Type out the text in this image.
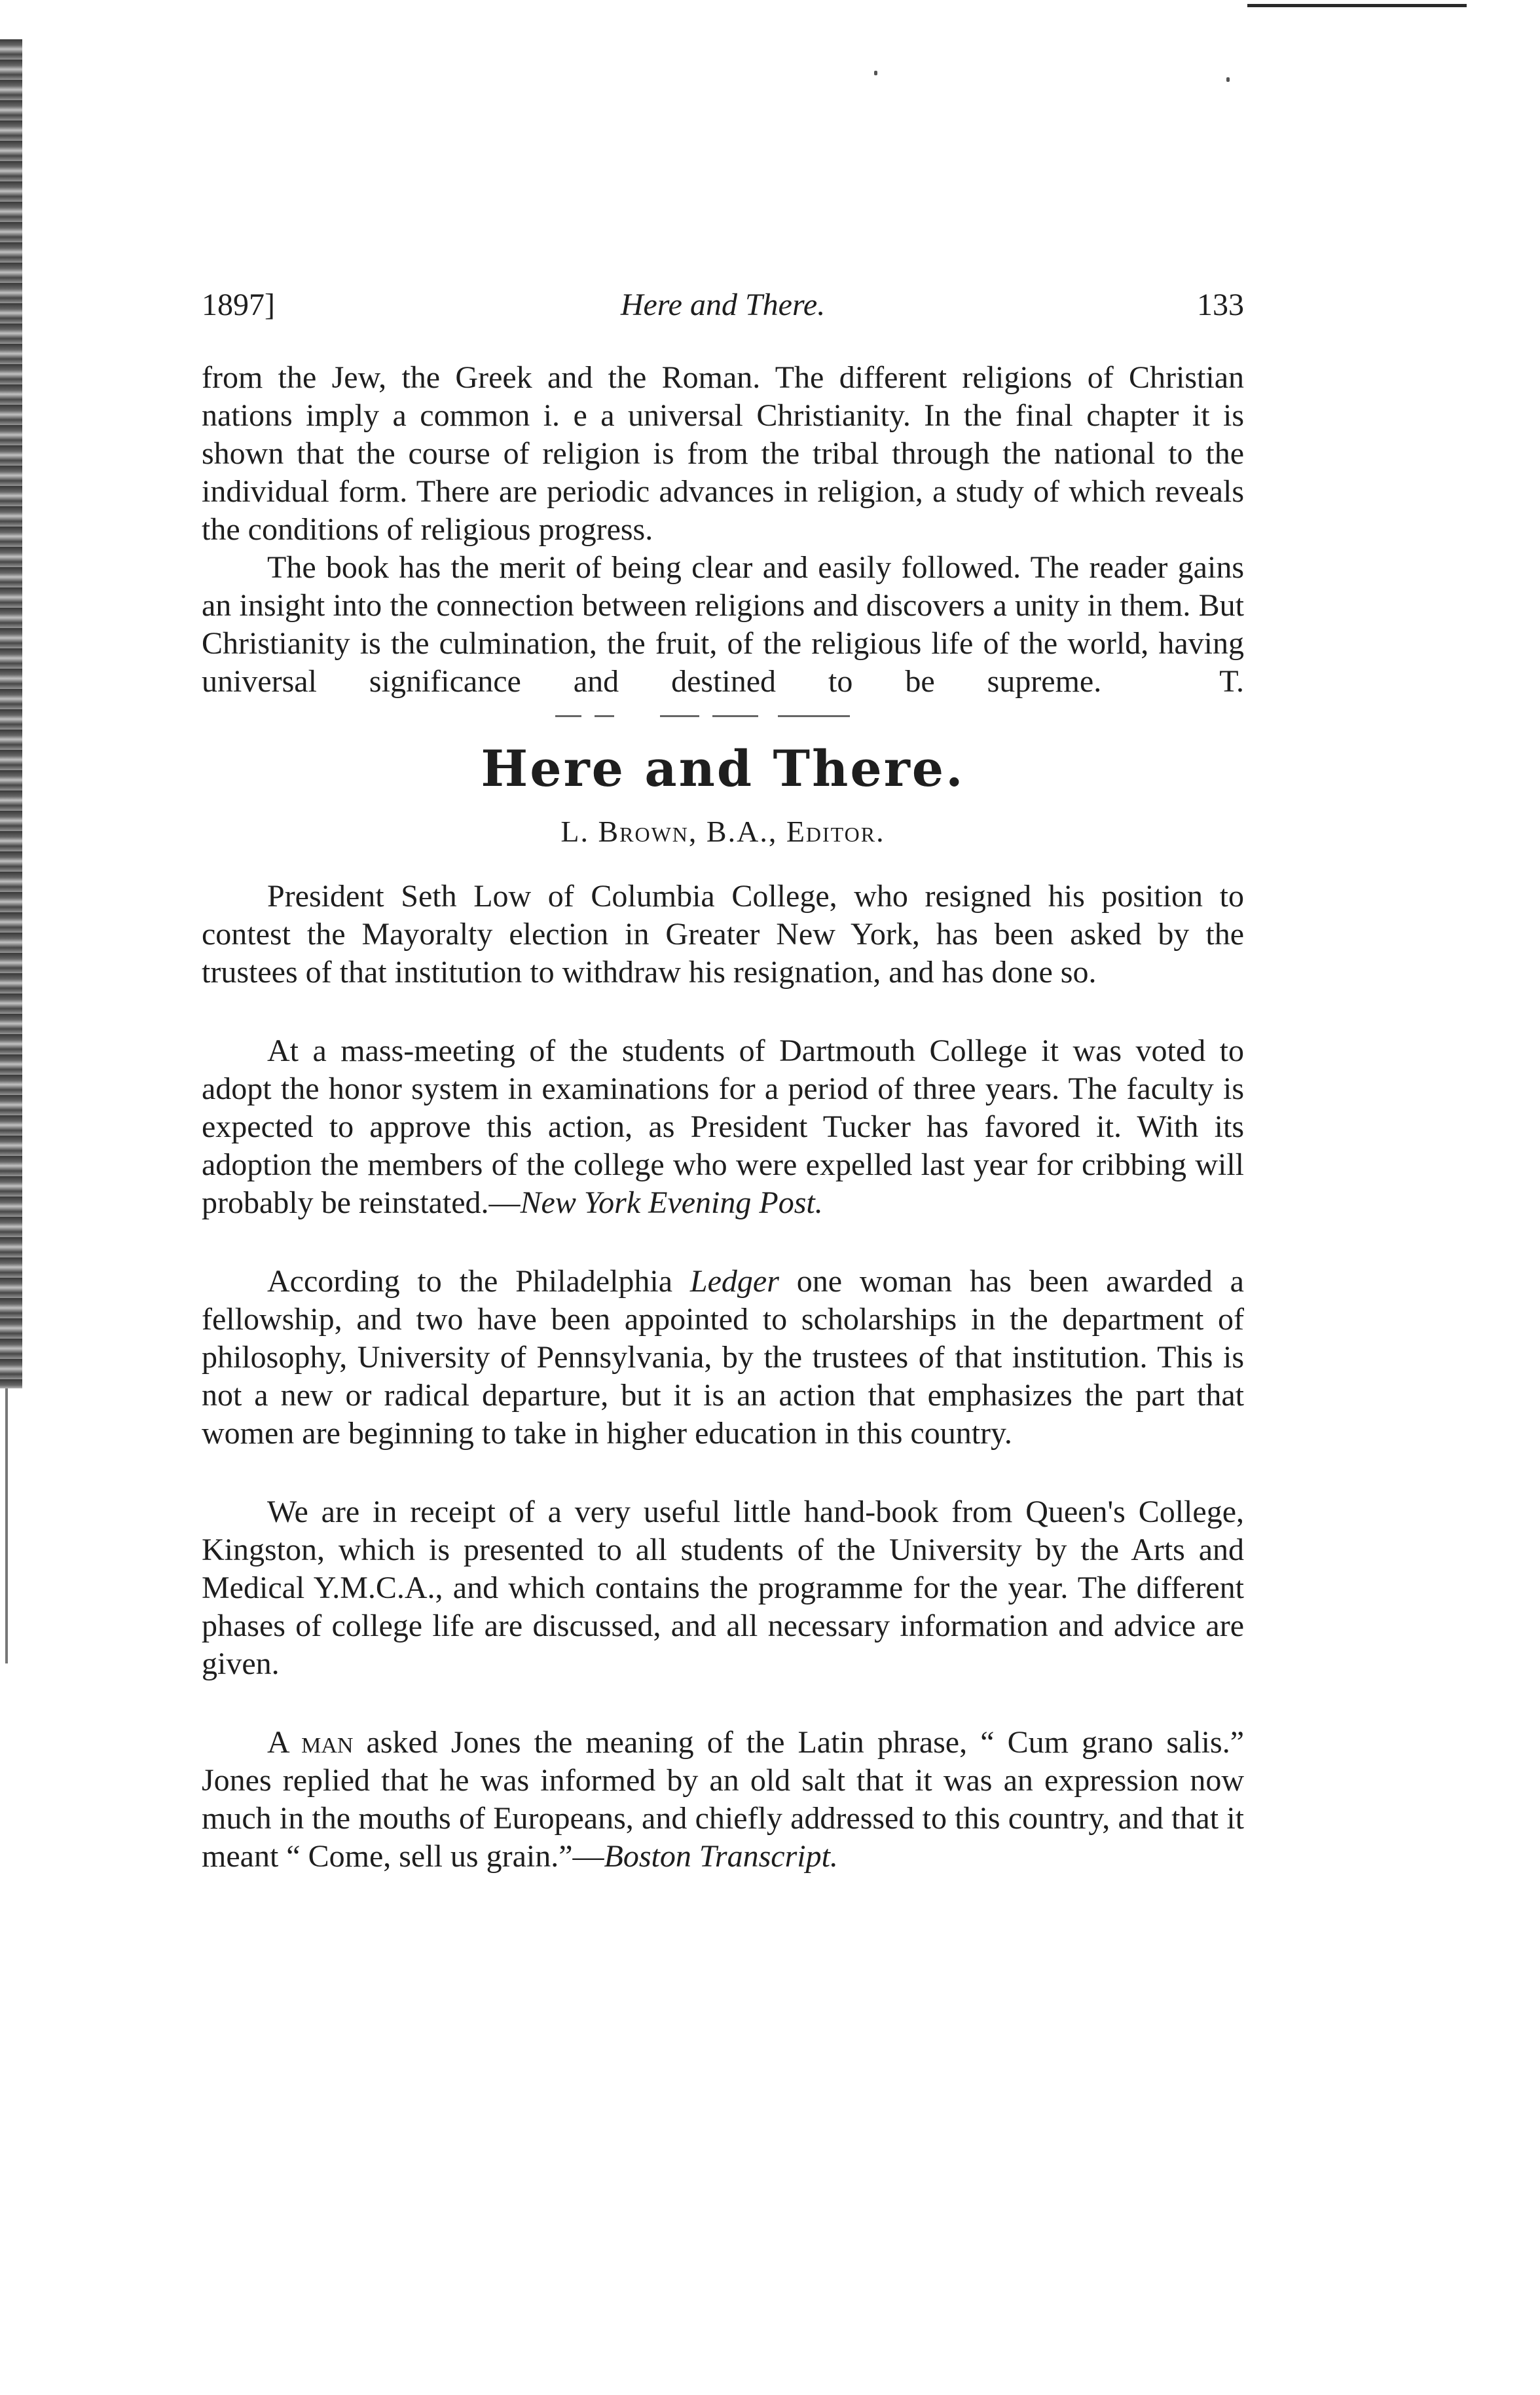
1897]	Here and There.	133

from the Jew, the Greek and the Roman. The different religions of Christian nations imply a common i. e a universal Christianity. In the final chapter it is shown that the course of religion is from the tribal through the national to the individual form. There are periodic advances in religion, a study of which reveals the conditions of religious progress.

The book has the merit of being clear and easily followed. The reader gains an insight into the connection between religions and discovers a unity in them. But Christianity is the culmination, the fruit, of the religious life of the world, having universal significance and destined to be supreme.	T.

Here and There.
L. Brown, B.A., Editor.

President Seth Low of Columbia College, who resigned his position to contest the Mayoralty election in Greater New York, has been asked by the trustees of that institution to withdraw his resignation, and has done so.

At a mass-meeting of the students of Dartmouth College it was voted to adopt the honor system in examinations for a period of three years. The faculty is expected to approve this action, as President Tucker has favored it. With its adoption the members of the college who were expelled last year for cribbing will probably be reinstated.—New York Evening Post.

According to the Philadelphia Ledger one woman has been awarded a fellowship, and two have been appointed to scholarships in the department of philosophy, University of Pennsylvania, by the trustees of that institution. This is not a new or radical departure, but it is an action that emphasizes the part that women are beginning to take in higher education in this country.

We are in receipt of a very useful little hand-book from Queen's College, Kingston, which is presented to all students of the University by the Arts and Medical Y.M.C.A., and which contains the programme for the year. The different phases of college life are discussed, and all necessary information and advice are given.

A man asked Jones the meaning of the Latin phrase, “ Cum grano salis.” Jones replied that he was informed by an old salt that it was an expression now much in the mouths of Europeans, and chiefly addressed to this country, and that it meant “ Come, sell us grain.”—Boston Transcript.
